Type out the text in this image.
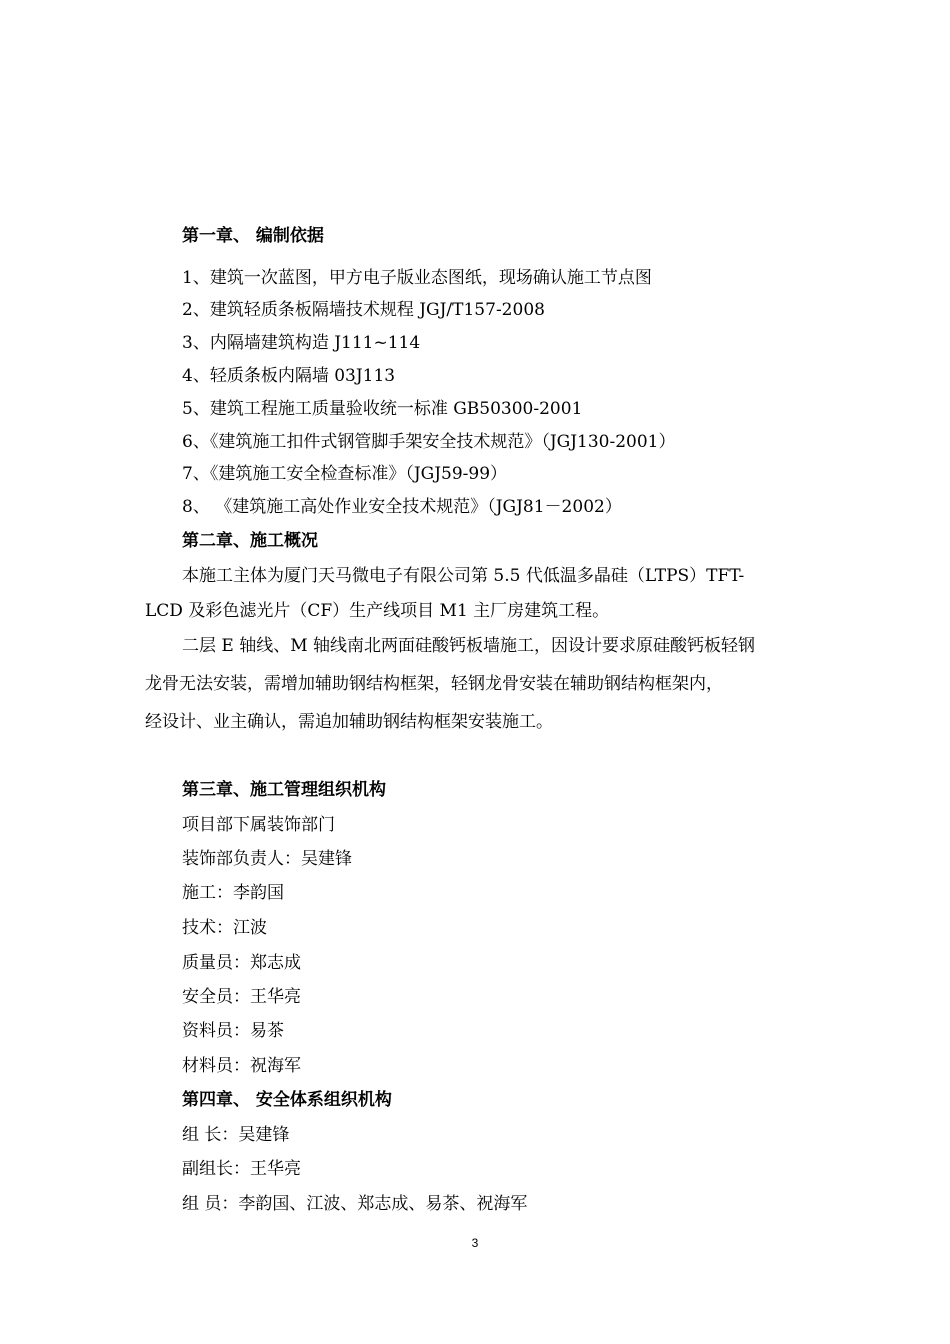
第一章、 编制依据
1、建筑一次蓝图，甲方电子版业态图纸，现场确认施工节点图
2、建筑轻质条板隔墙技术规程 JGJ/T157-2008
3、内隔墙建筑构造 J111~114
4、轻质条板内隔墙 03J113
5、建筑工程施工质量验收统一标准 GB50300-2001
6、《建筑施工扣件式钢管脚手架安全技术规范》（JGJ130-2001）
7、《建筑施工安全检查标准》（JGJ59-99）
8、 《建筑施工高处作业安全技术规范》（JGJ81－2002）
第二章、施工概况
本施工主体为厦门天马微电子有限公司第 5.5 代低温多晶硅（LTPS）TFT-
LCD 及彩色滤光片（CF）生产线项目 M1 主厂房建筑工程。
二层 E 轴线、M 轴线南北两面硅酸钙板墙施工，因设计要求原硅酸钙板轻钢
龙骨无法安装，需增加辅助钢结构框架，轻钢龙骨安装在辅助钢结构框架内，
经设计、业主确认，需追加辅助钢结构框架安装施工。
第三章、施工管理组织机构
项目部下属装饰部门
装饰部负责人：吴建锋
施工：李韵国
技术：江波
质量员：郑志成
安全员：王华亮
资料员：易茶
材料员：祝海军
第四章、 安全体系组织机构
组 长：吴建锋
副组长：王华亮
组 员：李韵国、江波、郑志成、易茶、祝海军
3
